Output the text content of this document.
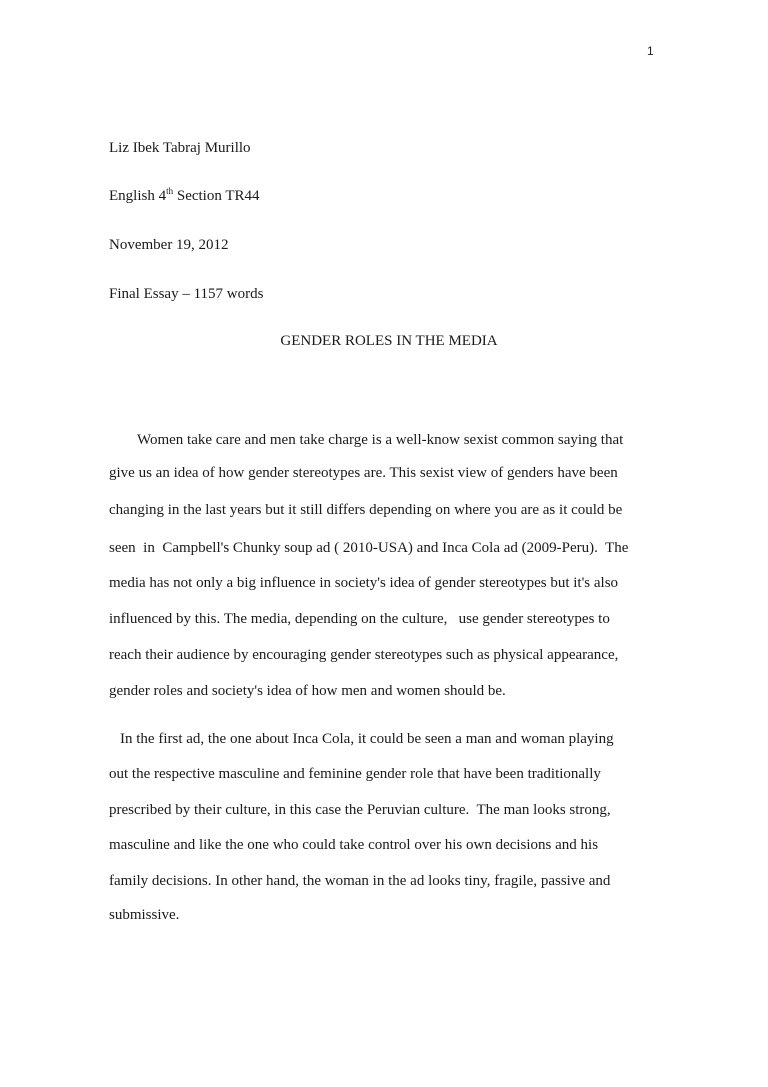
1
Liz Ibek Tabraj Murillo
English 4th Section TR44
November 19, 2012
Final Essay – 1157 words
GENDER ROLES IN THE MEDIA
Women take care and men take charge is a well-know sexist common saying that
give us an idea of how gender stereotypes are. This sexist view of genders have been
changing in the last years but it still differs depending on where you are as it could be
seen  in  Campbell's Chunky soup ad ( 2010-USA) and Inca Cola ad (2009-Peru).  The
media has not only a big influence in society's idea of gender stereotypes but it's also
influenced by this. The media, depending on the culture,   use gender stereotypes to
reach their audience by encouraging gender stereotypes such as physical appearance,
gender roles and society's idea of how men and women should be.
In the first ad, the one about Inca Cola, it could be seen a man and woman playing
out the respective masculine and feminine gender role that have been traditionally
prescribed by their culture, in this case the Peruvian culture.  The man looks strong,
masculine and like the one who could take control over his own decisions and his
family decisions. In other hand, the woman in the ad looks tiny, fragile, passive and
submissive.
